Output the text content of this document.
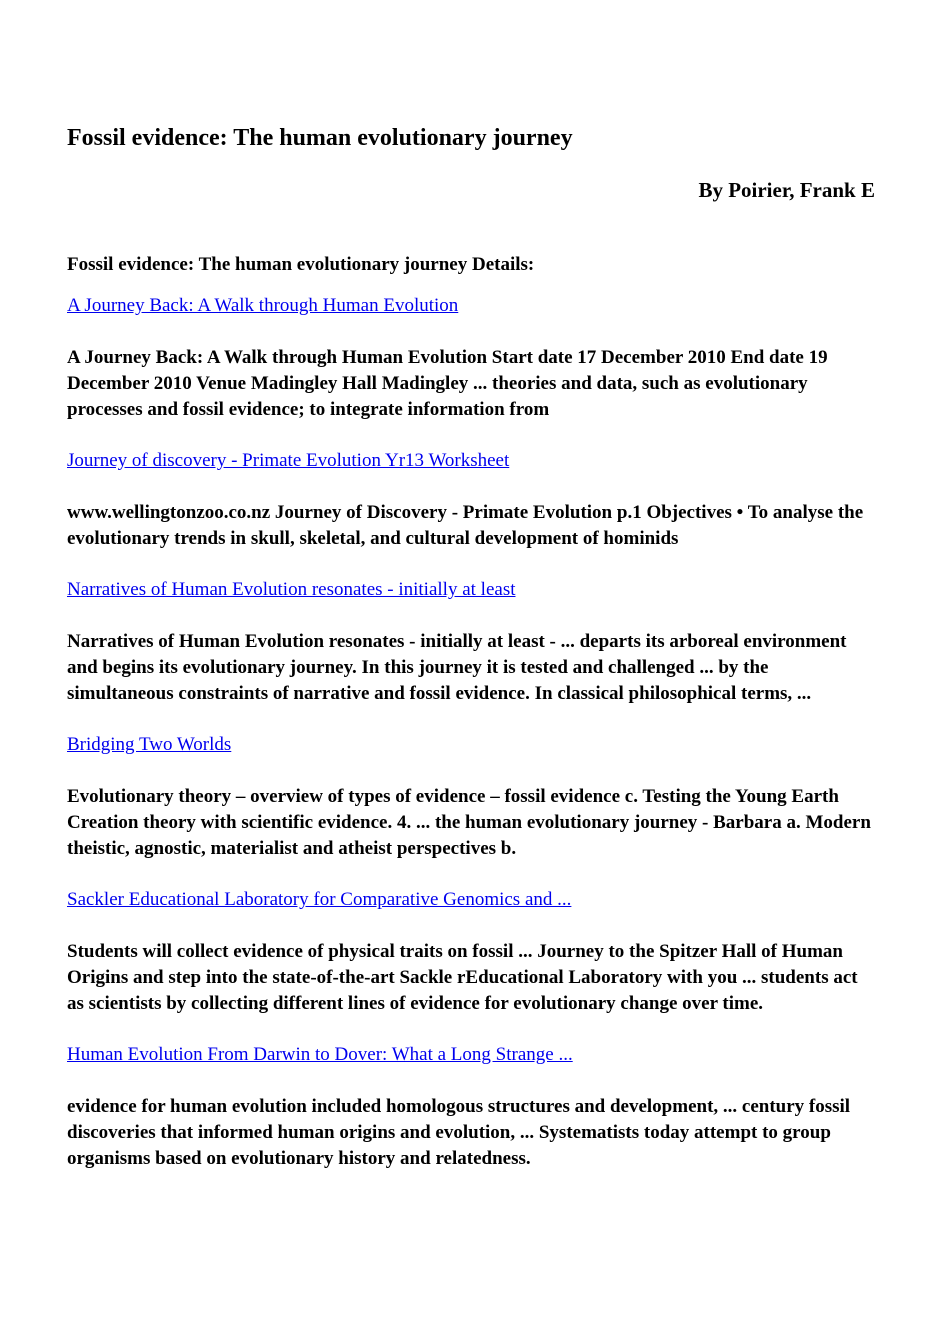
Fossil evidence: The human evolutionary journey

By Poirier, Frank E

Fossil evidence: The human evolutionary journey Details:

A Journey Back: A Walk through Human Evolution

A Journey Back: A Walk through Human Evolution Start date 17 December 2010 End date 19 December 2010 Venue Madingley Hall Madingley ... theories and data, such as evolutionary processes and fossil evidence; to integrate information from

Journey of discovery - Primate Evolution Yr13 Worksheet

www.wellingtonzoo.co.nz Journey of Discovery - Primate Evolution p.1 Objectives • To analyse the evolutionary trends in skull, skeletal, and cultural development of hominids

Narratives of Human Evolution resonates - initially at least

Narratives of Human Evolution resonates - initially at least - ... departs its arboreal environment and begins its evolutionary journey. In this journey it is tested and challenged ... by the simultaneous constraints of narrative and fossil evidence. In classical philosophical terms, ...

Bridging Two Worlds

Evolutionary theory – overview of types of evidence – fossil evidence c. Testing the Young Earth Creation theory with scientific evidence. 4. ... the human evolutionary journey - Barbara a. Modern theistic, agnostic, materialist and atheist perspectives b.

Sackler Educational Laboratory for Comparative Genomics and ...

Students will collect evidence of physical traits on fossil ... Journey to the Spitzer Hall of Human Origins and step into the state-of-the-art Sackle rEducational Laboratory with you ... students act as scientists by collecting different lines of evidence for evolutionary change over time.

Human Evolution From Darwin to Dover: What a Long Strange ...

evidence for human evolution included homologous structures and development, ... century fossil discoveries that informed human origins and evolution, ... Systematists today attempt to group organisms based on evolutionary history and relatedness.
